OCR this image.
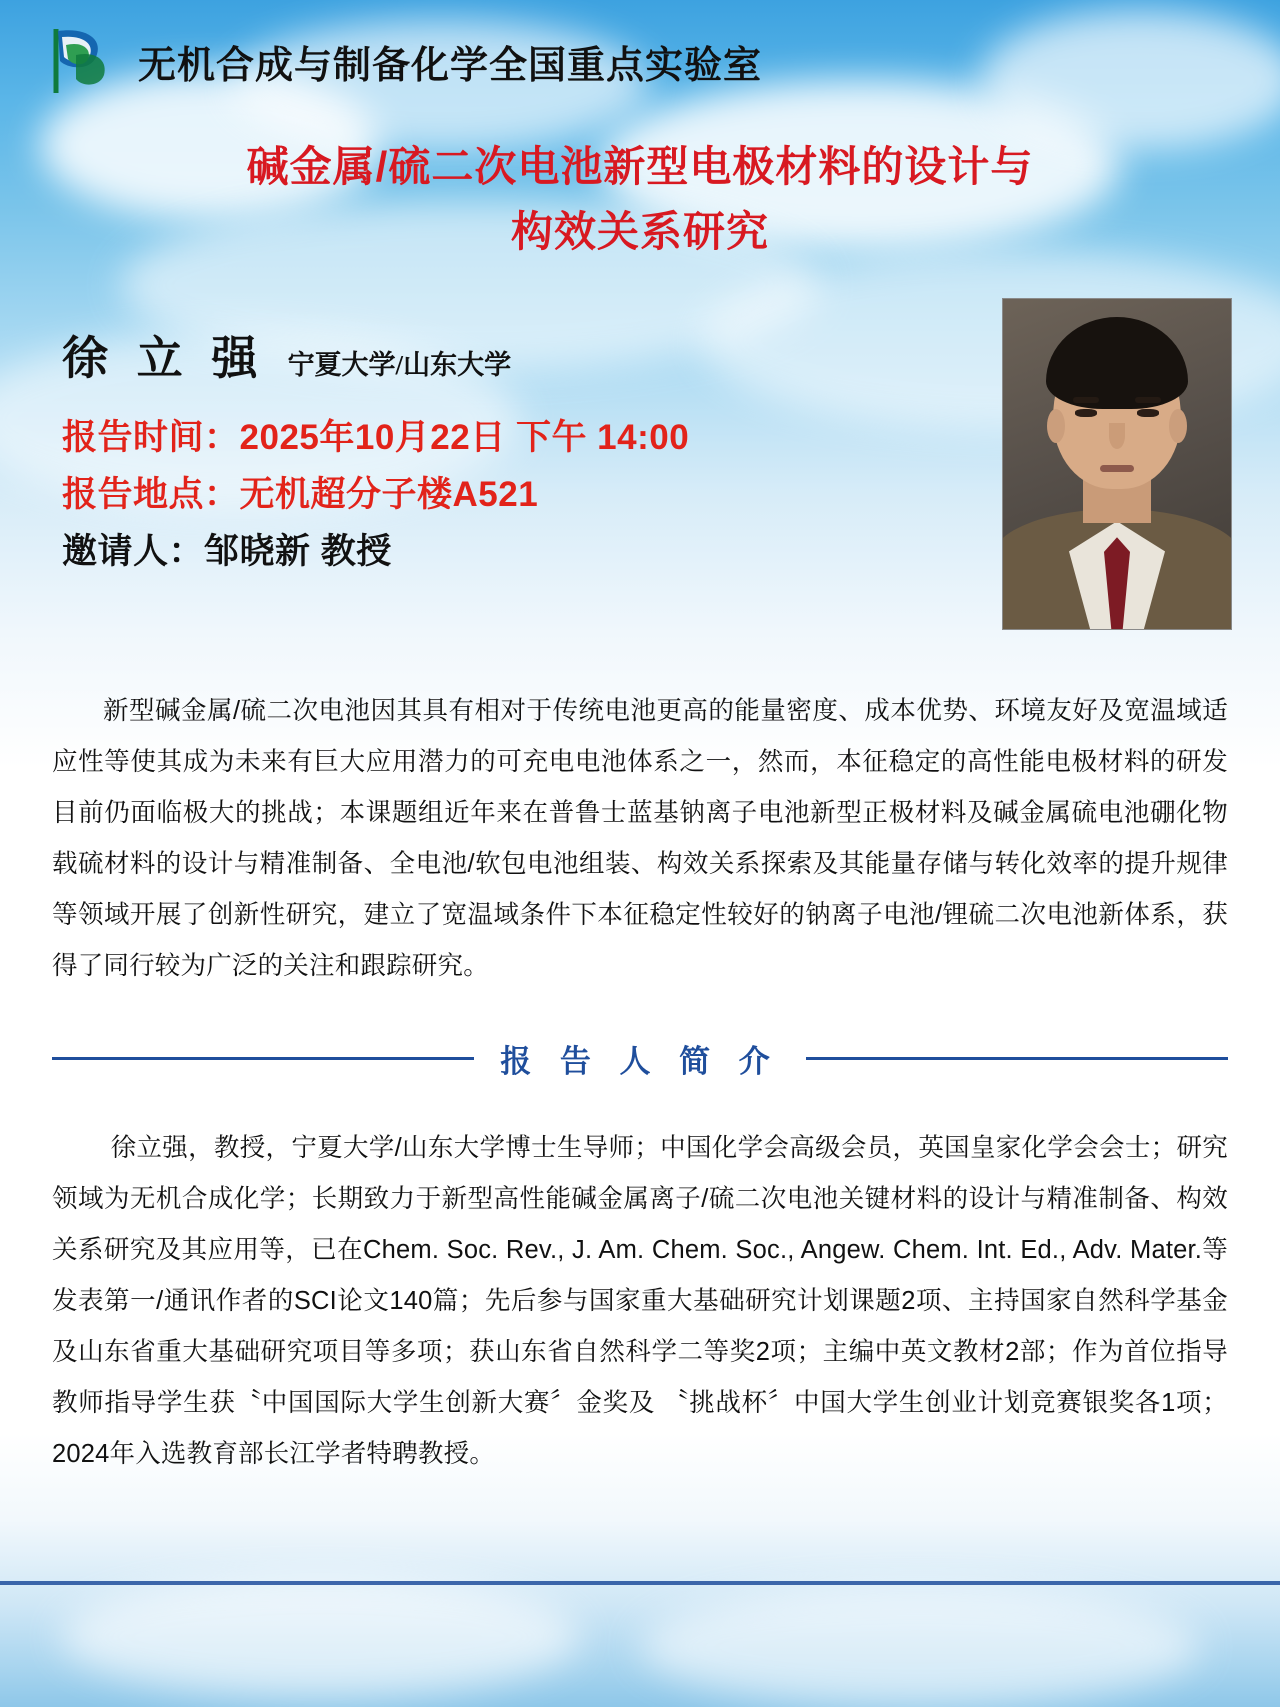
无机合成与制备化学全国重点实验室
碱金属/硫二次电池新型电极材料的设计与
构效关系研究
徐 立 强 宁夏大学/山东大学
报告时间：2025年10月22日 下午 14:00
报告地点：无机超分子楼A521
邀请人：邹晓新 教授
新型碱金属/硫二次电池因其具有相对于传统电池更高的能量密度、成本优势、环境友好及宽温域适应性等使其成为未来有巨大应用潜力的可充电电池体系之一，然而，本征稳定的高性能电极材料的研发目前仍面临极大的挑战；本课题组近年来在普鲁士蓝基钠离子电池新型正极材料及碱金属硫电池硼化物载硫材料的设计与精准制备、全电池/软包电池组装、构效关系探索及其能量存储与转化效率的提升规律等领域开展了创新性研究，建立了宽温域条件下本征稳定性较好的钠离子电池/锂硫二次电池新体系，获得了同行较为广泛的关注和跟踪研究。
报 告 人 简 介
徐立强，教授，宁夏大学/山东大学博士生导师；中国化学会高级会员，英国皇家化学会会士；研究领域为无机合成化学；长期致力于新型高性能碱金属离子/硫二次电池关键材料的设计与精准制备、构效关系研究及其应用等，已在Chem. Soc. Rev., J. Am. Chem. Soc., Angew. Chem. Int. Ed., Adv. Mater.等发表第一/通讯作者的SCI论文140篇；先后参与国家重大基础研究计划课题2项、主持国家自然科学基金及山东省重大基础研究项目等多项；获山东省自然科学二等奖2项；主编中英文教材2部；作为首位指导教师指导学生获〝中国国际大学生创新大赛〞金奖及 〝挑战杯〞中国大学生创业计划竞赛银奖各1项；2024年入选教育部长江学者特聘教授。
